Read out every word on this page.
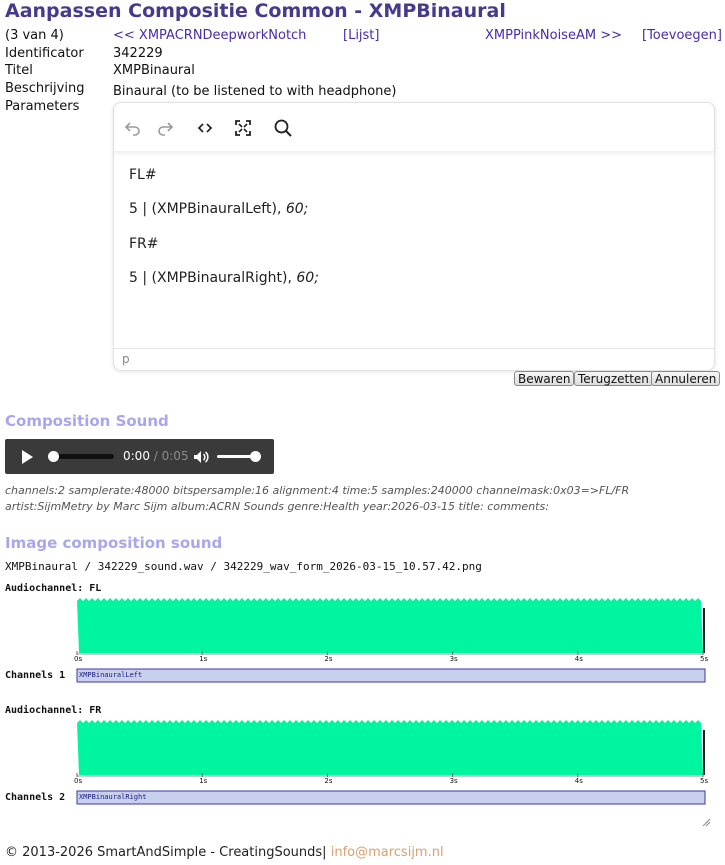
Aanpassen Compositie Common - XMPBinaural
(3 van 4)	<< XMPACRNDeepworkNotch	[Lijst]	XMPPinkNoiseAM >> [Toevoegen]
Identificator 342229
Titel	XMPBinaural
Beschrijving Binaural (to be listened to with headphone)
Parameters

FL#

5 | (XMPBinauralLeft), 60;

FR#

5 | (XMPBinauralRight), 60;

p
Bewaren Terugzetten Annuleren
Composition Sound
0:00 / 0:05
channels:2 samplerate:48000 bitspersample:16 alignment:4 time:5 samples:240000 channelmask:0x03=>FL/FR artist:SijmMetry by Marc Sijm album:ACRN Sounds genre:Health year:2026-03-15 title: comments:
Image composition sound
XMPBinaural / 342229_sound.wav / 342229_wav_form_2026-03-15_10.57.42.png
Audiochannel: FL
0s	1s	2s	3s	4s	5s
Channels 1 XMPBinauralLeft
Audiochannel: FR
0s	1s	2s	3s	4s	5s
Channels 2 XMPBinauralRight
© 2013-2026 SmartAndSimple - CreatingSounds| info@marcsijm.nl
